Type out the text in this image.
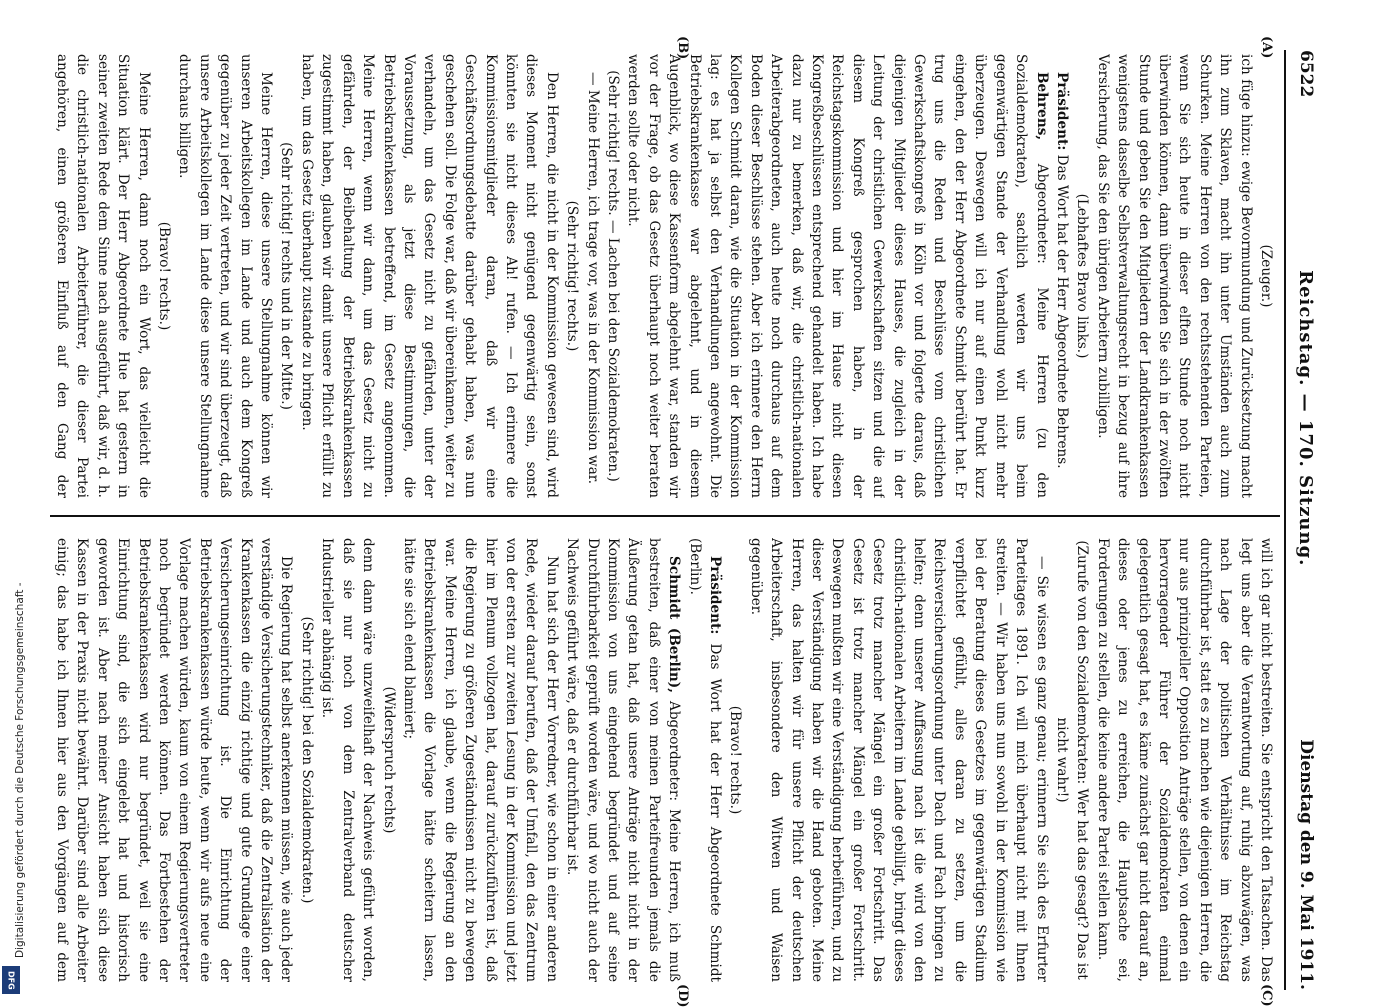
6522
Reichstag. — 170. Sitzung.
Dienstag den 9. Mai 1911.
(A)
(B)
(C)
(D)

(Zeuger.)

ich füge hinzu: ewige Bevormundung und Zurücksetzung macht ihn zum Sklaven, macht ihn unter Umständen auch zum Schurken. Meine Herren von den rechtsstehenden Parteien, wenn Sie sich heute in dieser elften Stunde noch nicht überwinden können, dann überwinden Sie sich in der zwölften Stunde und geben Sie den Mitgliedern der Landkrankenkassen wenigstens dasselbe Selbstverwaltungsrecht in bezug auf ihre Versicherung, das Sie den übrigen Arbeitern zubilligen.

(Lebhaftes Bravo links.)

Präsident: Das Wort hat der Herr Abgeordnete Behrens.

Behrens, Abgeordneter: Meine Herren (zu den Sozialdemokraten), sachlich werden wir uns beim gegenwärtigen Stande der Verhandlung wohl nicht mehr überzeugen. Deswegen will ich nur auf einen Punkt kurz eingehen, den der Herr Abgeordnete Schmidt berührt hat. Er trug uns die Reden und Beschlüsse vom christlichen Gewerkschaftskongreß in Köln vor und folgerte daraus, daß diejenigen Mitglieder dieses Hauses, die zugleich in der Leitung der christlichen Gewerkschaften sitzen und die auf diesem Kongreß gesprochen haben, in der Reichstagskommission und hier im Hause nicht diesen Kongreßbeschlüssen entsprechend gehandelt haben. Ich habe dazu nur zu bemerken, daß wir, die christlich-nationalen Arbeiterabgeordneten, auch heute noch durchaus auf dem Boden dieser Beschlüsse stehen. Aber ich erinnere den Herrn Kollegen Schmidt daran, wie die Situation in der Kommission lag: es hat ja selbst den Verhandlungen angewohnt. Die Betriebskrankenkasse war abgelehnt, und in diesem Augenblick, wo diese Kassenform abgelehnt war, standen wir vor der Frage, ob das Gesetz überhaupt noch weiter beraten werden sollte oder nicht.

(Sehr richtig! rechts. — Lachen bei den Sozialdemokraten.)

— Meine Herren, ich trage vor, was in der Kommission war.

(Sehr richtig! rechts.)

Den Herren, die nicht in der Kommission gewesen sind, wird dieses Moment nicht genügend gegenwärtig sein, sonst könnten sie nicht dieses Ah! rufen. — Ich erinnere die Kommissionsmitglieder daran, daß wir eine Geschäftsordnungsdebatte darüber gehabt haben, was nun geschehen soll. Die Folge war, daß wir übereinkamen, weiter zu verhandeln, um das Gesetz nicht zu gefährden, unter der Voraussetzung, als jetzt diese Bestimmungen, die Betriebskrankenkassen betreffend, im Gesetz angenommen. Meine Herren, wenn wir dann, um das Gesetz nicht zu gefährden, der Beibehaltung der Betriebskrankenkassen zugestimmt haben, glauben wir damit unsere Pflicht erfüllt zu haben, um das Gesetz überhaupt zustande zu bringen.

(Sehr richtig! rechts und in der Mitte.)

Meine Herren, diese unsere Stellungnahme können wir unseren Arbeitskollegen im Lande und auch dem Kongreß gegenüber zu jeder Zeit vertreten, und wir sind überzeugt, daß unsere Arbeitskollegen im Lande diese unsere Stellungnahme durchaus billigen.

(Bravo! rechts.)

Meine Herren, dann noch ein Wort, das vielleicht die Situation klärt. Der Herr Abgeordnete Hue hat gestern in seiner zweiten Rede dem Sinne nach ausgeführt, daß wir, d. h. die christlich-nationalen Arbeiterführer, die dieser Partei angehören, einen größeren Einfluß auf den Gang der

will ich gar nicht bestreiten. Sie entspricht den Tatsachen. Das legt uns aber die Verantwortung auf, ruhig abzuwägen, was nach Lage der politischen Verhältnisse im Reichstag durchführbar ist, statt es zu machen wie diejenigen Herren, die nur aus prinzipieller Opposition Anträge stellen, von denen ein hervorragender Führer der Sozialdemokraten einmal gelegentlich gesagt hat, es käme zunächst gar nicht darauf an, dieses oder jenes zu erreichen, die Hauptsache sei, Forderungen zu stellen, die keine andere Partei stellen kann.

(Zurufe von den Sozialdemokraten: Wer hat das gesagt? Das ist nicht wahr!)

— Sie wissen es ganz genau; erinnern Sie sich des Erfurter Parteitages 1891. Ich will mich überhaupt nicht mit Ihnen streiten. — Wir haben uns nun sowohl in der Kommission wie bei der Beratung dieses Gesetzes im gegenwärtigen Stadium verpflichtet gefühlt, alles daran zu setzen, um die Reichsversicherungsordnung unter Dach und Fach bringen zu helfen; denn unserer Auffassung nach ist die wird von den christlich-nationalen Arbeitern im Lande gebilligt, bringt dieses Gesetz trotz mancher Mängel ein großer Fortschritt. Das Gesetz ist trotz mancher Mängel ein großer Fortschritt. Deswegen mußten wir eine Verständigung herbeiführen, und zu dieser Verständigung haben wir die Hand geboten. Meine Herren, das halten wir für unsere Pflicht der deutschen Arbeiterschaft, insbesondere den Witwen und Waisen gegenüber.

(Bravo! rechts.)

Präsident: Das Wort hat der Herr Abgeordnete Schmidt (Berlin).

Schmidt (Berlin), Abgeordneter: Meine Herren, ich muß bestreiten, daß einer von meinen Parteifreunden jemals die Äußerung getan hat, daß unsere Anträge nicht nicht in der Kommission von uns eingehend begründet und auf seine Durchführbarkeit geprüft worden wäre, und wo nicht auch der Nachweis geführt wäre, daß er durchführbar ist.

Nun hat sich der Herr Vorredner, wie schon in einer anderen Rede, wieder darauf berufen, daß der Umfall, den das Zentrum von der ersten zur zweiten Lesung in der Kommission und jetzt hier im Plenum vollzogen hat, darauf zurückzuführen ist, daß die Regierung zu größeren Zugeständnissen nicht zu bewegen war. Meine Herren, ich glaube, wenn die Regierung an den Betriebskrankenkassen die Vorlage hätte scheitern lassen, hätte sie sich elend blamiert;

(Widerspruch rechts)

denn dann wäre unzweifelhaft der Nachweis geführt worden, daß sie nur noch von dem Zentralverband deutscher Industrieller abhängig ist.

(Sehr richtig! bei den Sozialdemokraten.)

Die Regierung hat selbst anerkennen müssen, wie auch jeder verständige Versicherungstechniker, daß die Zentralisation der Krankenkassen die einzig richtige und gute Grundlage einer Versicherungseinrichtung ist. Die Einrichtung der Betriebskrankenkassen würde heute, wenn wir aufs neue eine Vorlage machen würden, kaum von einem Regierungsvertreter noch begründet werden können. Das Fortbestehen der Betriebskrankenkassen wird nur begründet, weil sie eine Einrichtung sind, die sich eingelebt hat und historisch geworden ist. Aber nach meiner Ansicht haben sich diese Kassen in der Praxis nicht bewährt. Darüber sind alle Arbeiter einig; das habe ich Ihnen hier aus den Vorgängen auf dem

Digitalisierung gefördert durch die Deutsche Forschungsgemeinschaft -
DFG
